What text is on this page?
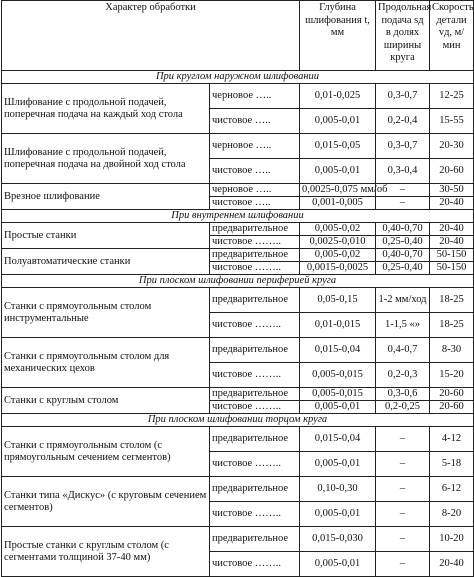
Характер обработки		Глубина шлифования t, мм	Продольная подача sд в долях ширины круга	Скорость детали vд, м/мин
При круглом наружном шлифовании				
Шлифование с продольной подачей, поперечная подача на каждый ход стола	черновое …..	0,01-0,025	0,3-0,7	12-25
	чистовое …..	0,005-0,01	0,2-0,4	15-55
Шлифование с продольной подачей, поперечная подача на двойной ход стола	черновое …..	0,015-0,05	0,3-0,7	20-30
	чистовое …..	0,005-0,01	0,3-0,4	20-60
Врезное шлифование	черновое …..	0,0025-0,075 мм/об	–	30-50
	чистовое …..	0,001-0,005	–	20-40
При внутреннем шлифовании				
Простые станки	предварительное	0,005-0,02	0,40-0,70	20-40
	чистовое ……..	0,0025-0,010	0,25-0,40	20-40
Полуавтоматические станки	предварительное	0,005-0,02	0,40-0,70	50-150
	чистовое ……..	0,0015-0,0025	0,25-0,40	50-150
При плоском шлифовании периферией круга				
Станки с прямоугольным столом инструментальные	предварительное	0,05-0,15	1-2 мм/ход	18-25
	чистовое ……..	0,01-0,015	1-1,5 «»	18-25
Станки с прямоугольным столом для механических цехов	предварительное	0,015-0,04	0,4-0,7	8-30
	чистовое ……..	0,005-0,015	0,2-0,3	15-20
Станки с круглым столом	предварительное	0,005-0,015	0,3-0,6	20-60
	чистовое ……..	0,005-0,01	0,2-0,25	20-60
При плоском шлифовании торцом круга				
Станки с прямоугольным столом (с прямоугольным сечением сегментов)	предварительное	0,015-0,04	–	4-12
	чистовое ……..	0,005-0,01	–	5-18
Станки типа «Дискус» (с круговым сечением сегментов)	предварительное	0,10-0,30	–	6-12
	чистовое ……..	0,005-0,01	–	8-20
Простые станки с круглым столом (с сегментами толщиной 37-40 мм)	предварительное	0,015-0,030	–	10-20
	чистовое ……..	0,005-0,01	–	20-40
